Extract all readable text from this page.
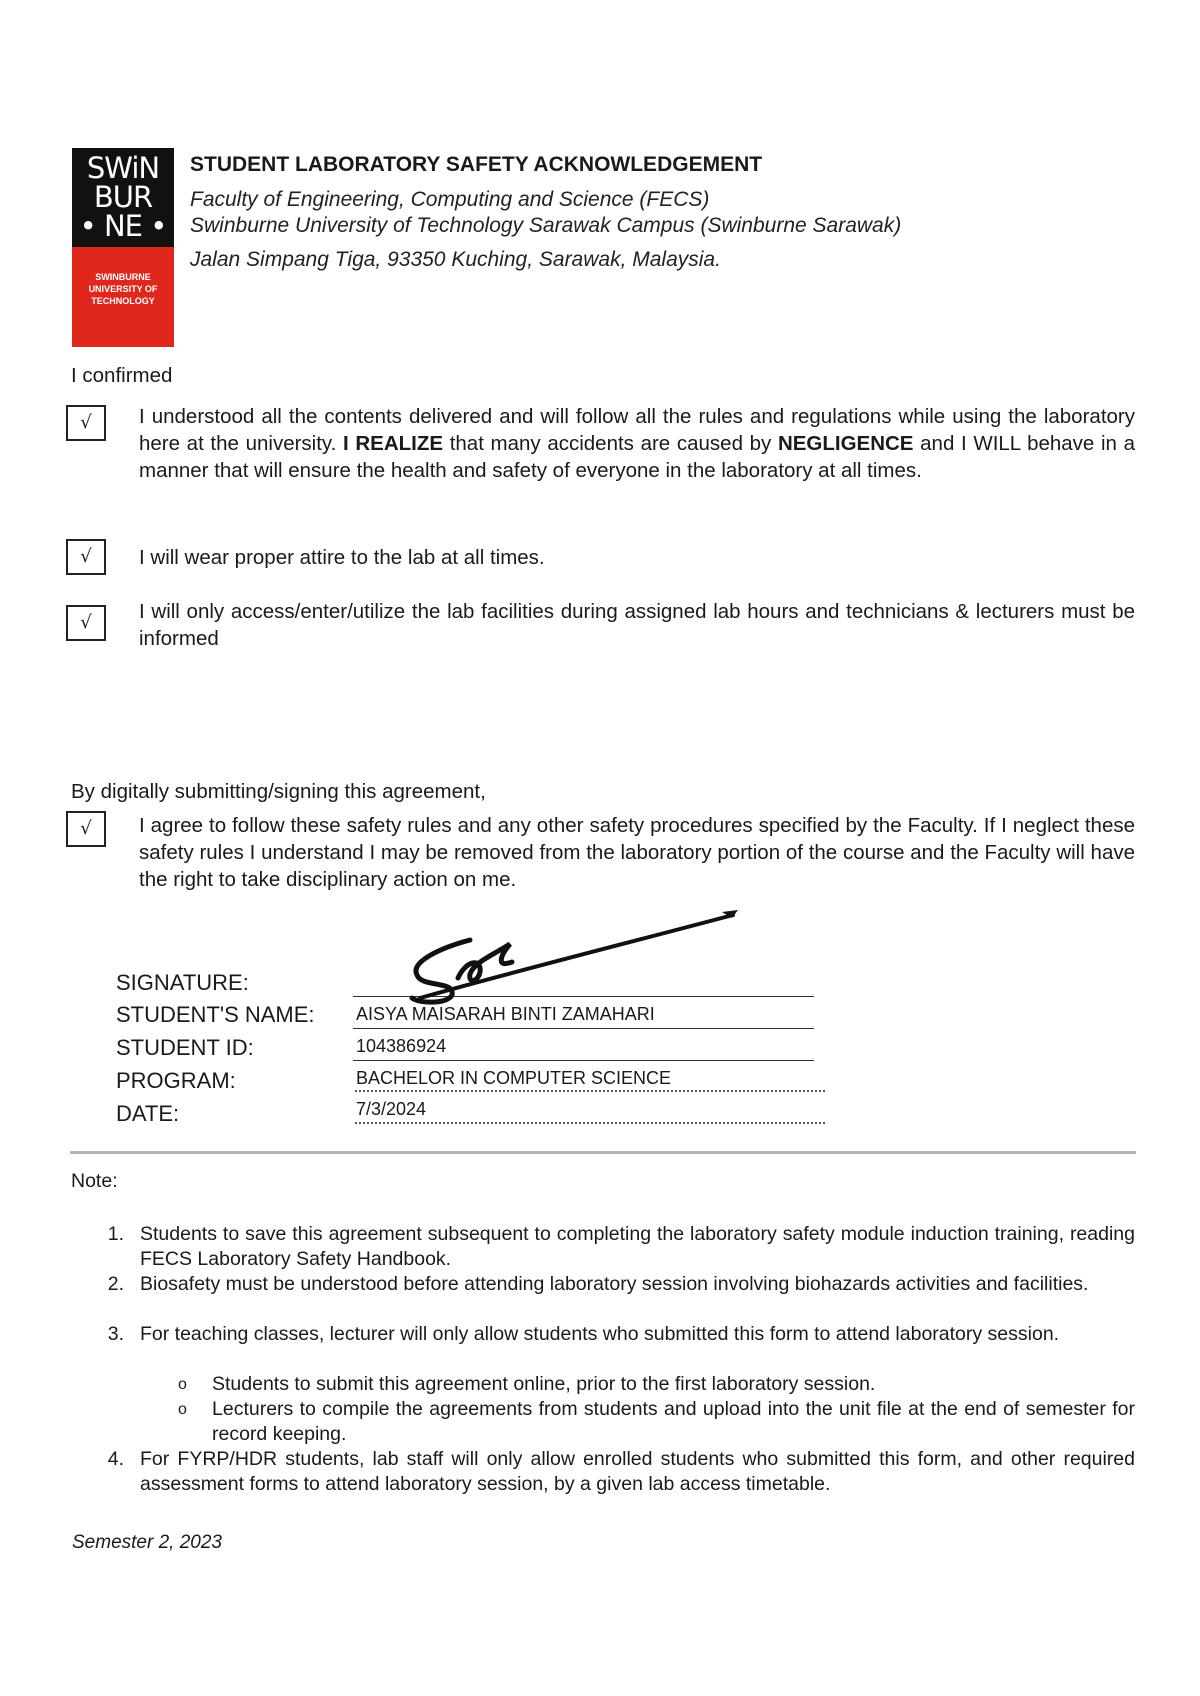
SWiN
BUR
• NE •
SWINBURNE
UNIVERSITY OF
TECHNOLOGY
STUDENT LABORATORY SAFETY ACKNOWLEDGEMENT
Faculty of Engineering, Computing and Science (FECS)
Swinburne University of Technology Sarawak Campus (Swinburne Sarawak)
Jalan Simpang Tiga, 93350 Kuching, Sarawak, Malaysia.
I confirmed
√	I understood all the contents delivered and will follow all the rules and regulations while using the laboratory here at the university. I REALIZE that many accidents are caused by NEGLIGENCE and I WILL behave in a manner that will ensure the health and safety of everyone in the laboratory at all times.
√	I will wear proper attire to the lab at all times.
√	I will only access/enter/utilize the lab facilities during assigned lab hours and technicians & lecturers must be informed
By digitally submitting/signing this agreement,
√	I agree to follow these safety rules and any other safety procedures specified by the Faculty. If I neglect these safety rules I understand I may be removed from the laboratory portion of the course and the Faculty will have the right to take disciplinary action on me.
SIGNATURE:
STUDENT'S NAME: AISYA MAISARAH BINTI ZAMAHARI
STUDENT ID:	104386924
PROGRAM:	BACHELOR IN COMPUTER SCIENCE
DATE:	7/3/2024
Note:
1. Students to save this agreement subsequent to completing the laboratory safety module induction training, reading FECS Laboratory Safety Handbook.
2. Biosafety must be understood before attending laboratory session involving biohazards activities and facilities.
3. For teaching classes, lecturer will only allow students who submitted this form to attend laboratory session.
o Students to submit this agreement online, prior to the first laboratory session.
o Lecturers to compile the agreements from students and upload into the unit file at the end of semester for record keeping.
4. For FYRP/HDR students, lab staff will only allow enrolled students who submitted this form, and other required assessment forms to attend laboratory session, by a given lab access timetable.
Semester 2, 2023
